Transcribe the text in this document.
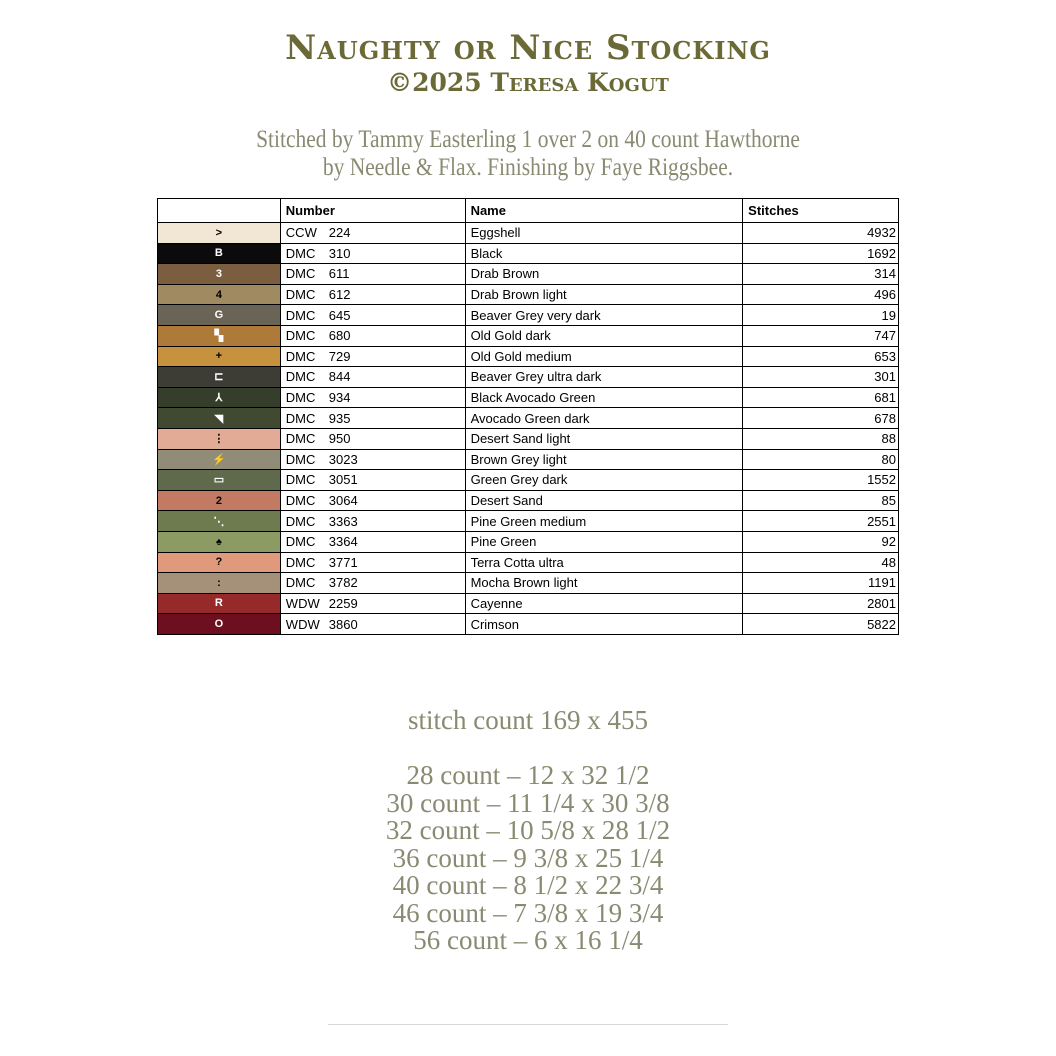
Naughty or Nice Stocking
©2025 Teresa Kogut
Stitched by Tammy Easterling 1 over 2 on 40 count Hawthorne
by Needle & Flax. Finishing by Faye Riggsbee.
	Number	Name	Stitches

>	CCW 224	Eggshell	4932

B	DMC 310	Black	1692

3	DMC 611	Drab Brown	314

4	DMC 612	Drab Brown light	496

G	DMC 645	Beaver Grey very dark	19

▚	DMC 680	Old Gold dark	747

+	DMC 729	Old Gold medium	653

⊏	DMC 844	Beaver Grey ultra dark	301

⅄	DMC 934	Black Avocado Green	681

◥	DMC 935	Avocado Green dark	678

⋮	DMC 950	Desert Sand light	88

⚡	DMC 3023	Brown Grey light	80

▭	DMC 3051	Green Grey dark	1552

2	DMC 3064	Desert Sand	85

⋱	DMC 3363	Pine Green medium	2551

♠	DMC 3364	Pine Green	92

?	DMC 3771	Terra Cotta ultra	48

:	DMC 3782	Mocha Brown light	1191

R	WDW 2259	Cayenne	2801

O	WDW 3860	Crimson	5822
stitch count 169 x 455
28 count – 12 x 32 1/2
30 count – 11 1/4 x 30 3/8
32 count – 10 5/8 x 28 1/2
36 count – 9 3/8 x 25 1/4
40 count – 8 1/2 x 22 3/4
46 count – 7 3/8 x 19 3/4
56 count – 6 x 16 1/4
